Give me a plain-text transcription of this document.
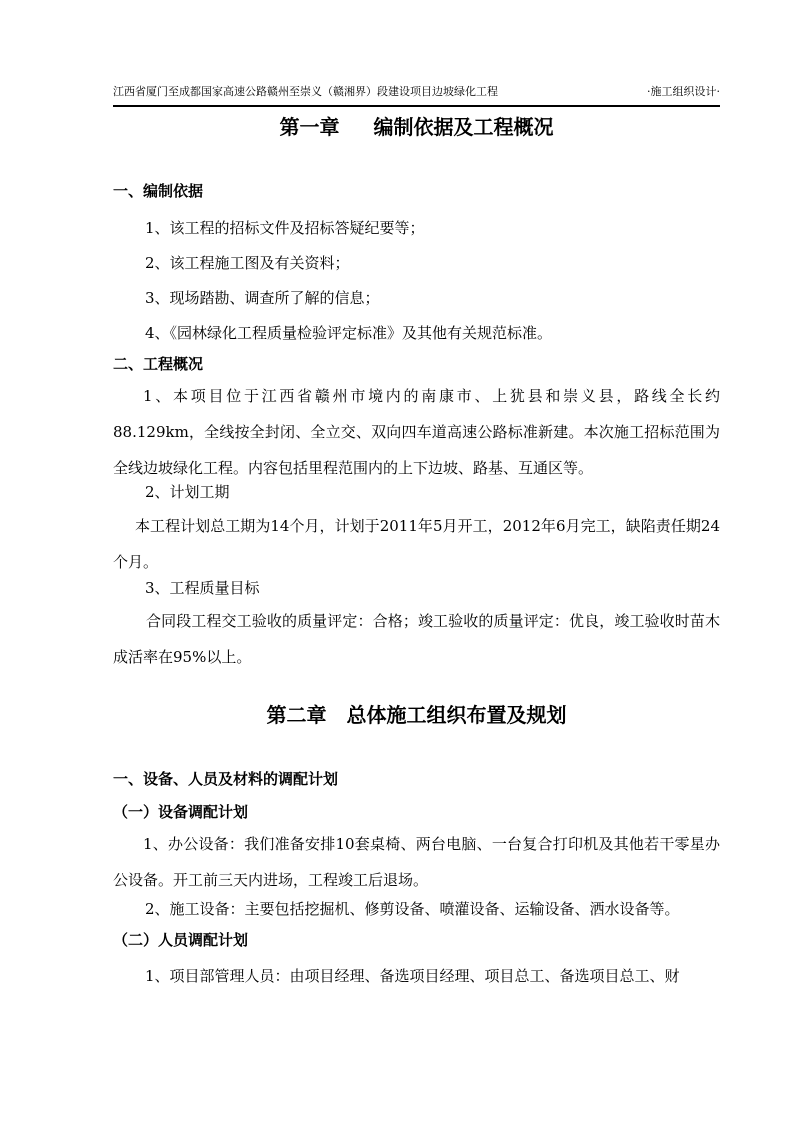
江西省厦门至成都国家高速公路赣州至崇义（赣湘界）段建设项目边坡绿化工程	·施工组织设计·
第一章 编制依据及工程概况
一、编制依据
1、该工程的招标文件及招标答疑纪要等；
2、该工程施工图及有关资料；
3、现场踏勘、调查所了解的信息；
4、《园林绿化工程质量检验评定标准》及其他有关规范标准。
二、工程概况
1、本项目位于江西省赣州市境内的南康市、上犹县和崇义县，路线全长约88.129km，全线按全封闭、全立交、双向四车道高速公路标准新建。本次施工招标范围为全线边坡绿化工程。内容包括里程范围内的上下边坡、路基、互通区等。
2、计划工期
本工程计划总工期为14个月，计划于2011年5月开工，2012年6月完工，缺陷责任期24个月。
3、工程质量目标
合同段工程交工验收的质量评定：合格；竣工验收的质量评定：优良，竣工验收时苗木成活率在95%以上。
第二章 总体施工组织布置及规划
一、设备、人员及材料的调配计划
（一）设备调配计划
1、办公设备：我们准备安排10套桌椅、两台电脑、一台复合打印机及其他若干零星办公设备。开工前三天内进场，工程竣工后退场。
2、施工设备：主要包括挖掘机、修剪设备、喷灌设备、运输设备、洒水设备等。
（二）人员调配计划
1、项目部管理人员：由项目经理、备选项目经理、项目总工、备选项目总工、财
